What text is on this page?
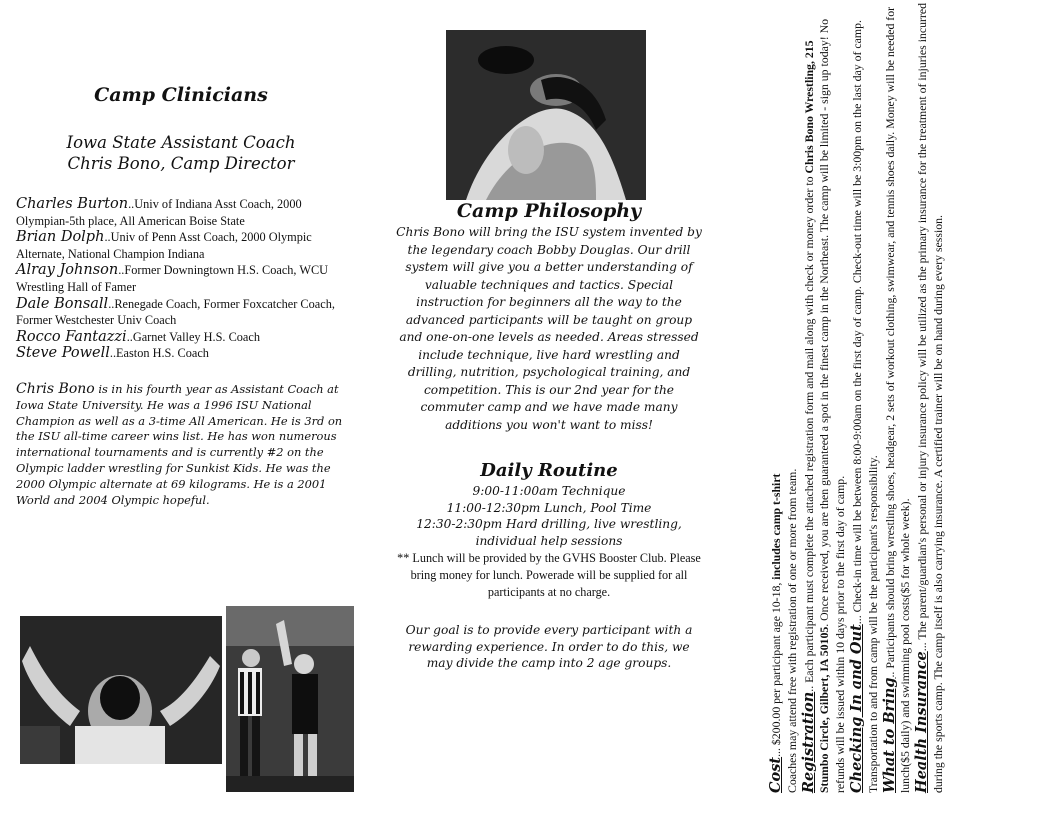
Camp Clinicians

Iowa State Assistant Coach

Chris Bono, Camp Director

Charles Burton..Univ of Indiana Asst Coach, 2000 Olympian-5th place, All American Boise State
Brian Dolph..Univ of Penn Asst Coach, 2000 Olympic Alternate, National Champion Indiana
Alray Johnson..Former Downingtown H.S. Coach, WCU Wrestling Hall of Famer
Dale Bonsall..Renegade Coach, Former Foxcatcher Coach, Former Westchester Univ Coach
Rocco Fantazzi..Garnet Valley H.S. Coach
Steve Powell..Easton H.S. Coach
Chris Bono is in his fourth year as Assistant Coach at Iowa State University. He was a 1996 ISU National Champion as well as a 3-time All American. He is 3rd on the ISU all-time career wins list. He has won numerous international tournaments and is currently #2 on the Olympic ladder wrestling for Sunkist Kids. He was the 2000 Olympic alternate at 69 kilograms. He is a 2001 World and 2004 Olympic hopeful.
Camp Philosophy
Chris Bono will bring the ISU system invented by the legendary coach Bobby Douglas. Our drill system will give you a better understanding of valuable techniques and tactics. Special instruction for beginners all the way to the advanced participants will be taught on group and one-on-one levels as needed. Areas stressed include technique, live hard wrestling and drilling, nutrition, psychological training, and competition. This is our 2nd year for the commuter camp and we have made many additions you won't want to miss!
Daily Routine
9:00-11:00am Technique
11:00-12:30pm Lunch, Pool Time
12:30-2:30pm Hard drilling, live wrestling, individual help sessions
** Lunch will be provided by the GVHS Booster Club. Please bring money for lunch. Powerade will be supplied for all participants at no charge.
Our goal is to provide every participant with a rewarding experience. In order to do this, we may divide the camp into 2 age groups.

Cost... $200.00 per participant age 10-18, includes camp t-shirt Coaches may attend free with registration of one or more from team. Registration.. Each participant must complete the attached registration form and mail along with check or money order to Chris Bono Wrestling, 215 Stumbo Circle, Gilbert, IA 50105. Once received, you are then guaranteed a spot in the finest camp in the Northeast. The camp will be limited - sign up today! No refunds will be issued within 10 days prior to the first day of camp. Checking In and Out... Check-in time will be between 8:00-9:00am on the first day of camp. Check-out time will be 3:00pm on the last day of camp. Transportation to and from camp will be the participant's responsibility. What to Bring.. Participants should bring wrestling shoes, headgear, 2 sets of workout clothing, swimwear, and tennis shoes daily. Money will be needed for lunch($5 daily) and swimming pool costs($5 for whole week). Health Insurance... The parent/guardian's personal or injury insurance policy will be utilized as the primary insurance for the treatment of injuries incurred during the sports camp. The camp itself is also carrying insurance. A certified trainer will be on hand during every session.
